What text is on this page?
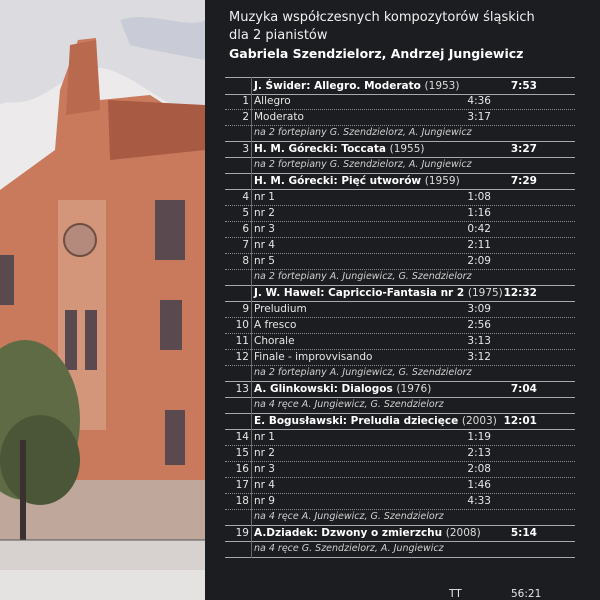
Muzyka współczesnych kompozytorów śląskich
dla 2 pianistów
Gabriela Szendzielorz, Andrzej Jungiewicz
J. Świder: Allegro. Moderato (1953)	7:53
1 Allegro	4:36
2 Moderato	3:17
na 2 fortepiany G. Szendzielorz, A. Jungiewicz
3 H. M. Górecki: Toccata (1955)	3:27
na 2 fortepiany G. Szendzielorz, A. Jungiewicz
H. M. Górecki: Pięć utworów (1959)	7:29
4 nr 1	1:08
5 nr 2	1:16
6 nr 3	0:42
7 nr 4	2:11
8 nr 5	2:09
na 2 fortepiany A. Jungiewicz, G. Szendzielorz
J. W. Hawel: Capriccio-Fantasia nr 2 (1975) 12:32
9 Preludium	3:09
10 A fresco	2:56
11 Chorale	3:13
12 Finale - improvvisando	3:12
na 2 fortepiany A. Jungiewicz, G. Szendzielorz
13 A. Glinkowski: Dialogos (1976)	7:04
na 4 ręce A. Jungiewicz, G. Szendzielorz
E. Bogusławski: Preludia dziecięce (2003) 12:01
14 nr 1	1:19
15 nr 2	2:13
16 nr 3	2:08
17 nr 4	1:46
18 nr 9	4:33
na 4 ręce A. Jungiewicz, G. Szendzielorz
19 A.Dziadek: Dzwony o zmierzchu (2008)	5:14
na 4 ręce G. Szendzielorz, A. Jungiewicz
TT	56:21
